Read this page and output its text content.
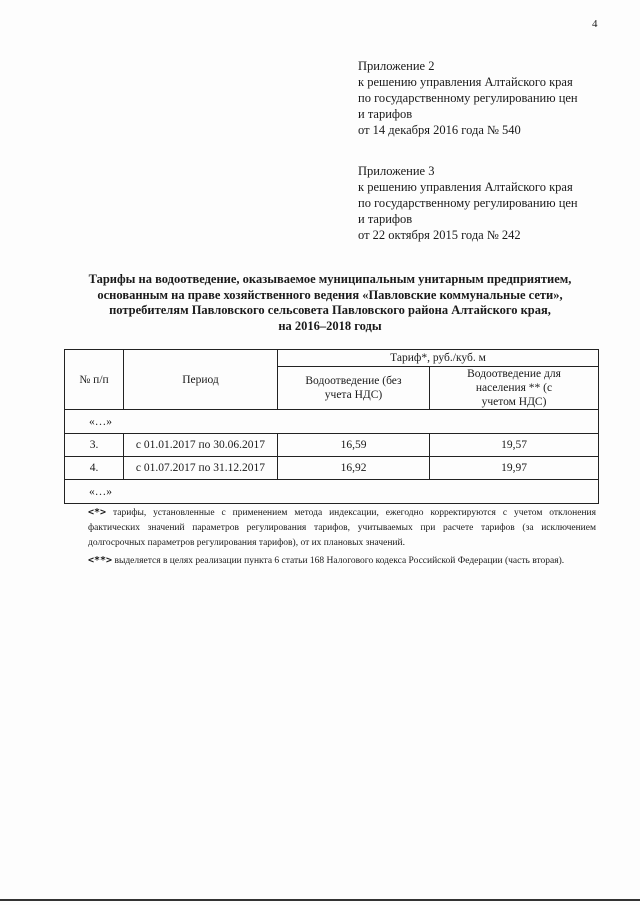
4
Приложение 2
к решению управления Алтайского края
по государственному регулированию цен
и тарифов
от 14 декабря 2016 года № 540
Приложение 3
к решению управления Алтайского края
по государственному регулированию цен
и тарифов
от 22 октября 2015 года № 242
Тарифы на водоотведение, оказываемое муниципальным унитарным предприятием,
основанным на праве хозяйственного ведения «Павловские коммунальные сети»,
потребителям Павловского сельсовета Павловского района Алтайского края,
на 2016–2018 годы
№ п/п	Период	Тариф*, руб./куб. м	
		Водоотведение (без учета НДС)	Водоотведение для населения ** (с учетом НДС)
«…»			
3.	с 01.01.2017 по 30.06.2017	16,59	19,57
4.	с 01.07.2017 по 31.12.2017	16,92	19,97
«…»			

<*> тарифы, установленные с применением метода индексации, ежегодно корректируются с учетом отклонения фактических значений параметров регулирования тарифов, учитываемых при расчете тарифов (за исключением долгосрочных параметров регулирования тарифов), от их плановых значений.

<**> выделяется в целях реализации пункта 6 статьи 168 Налогового кодекса Российской Федерации (часть вторая).
